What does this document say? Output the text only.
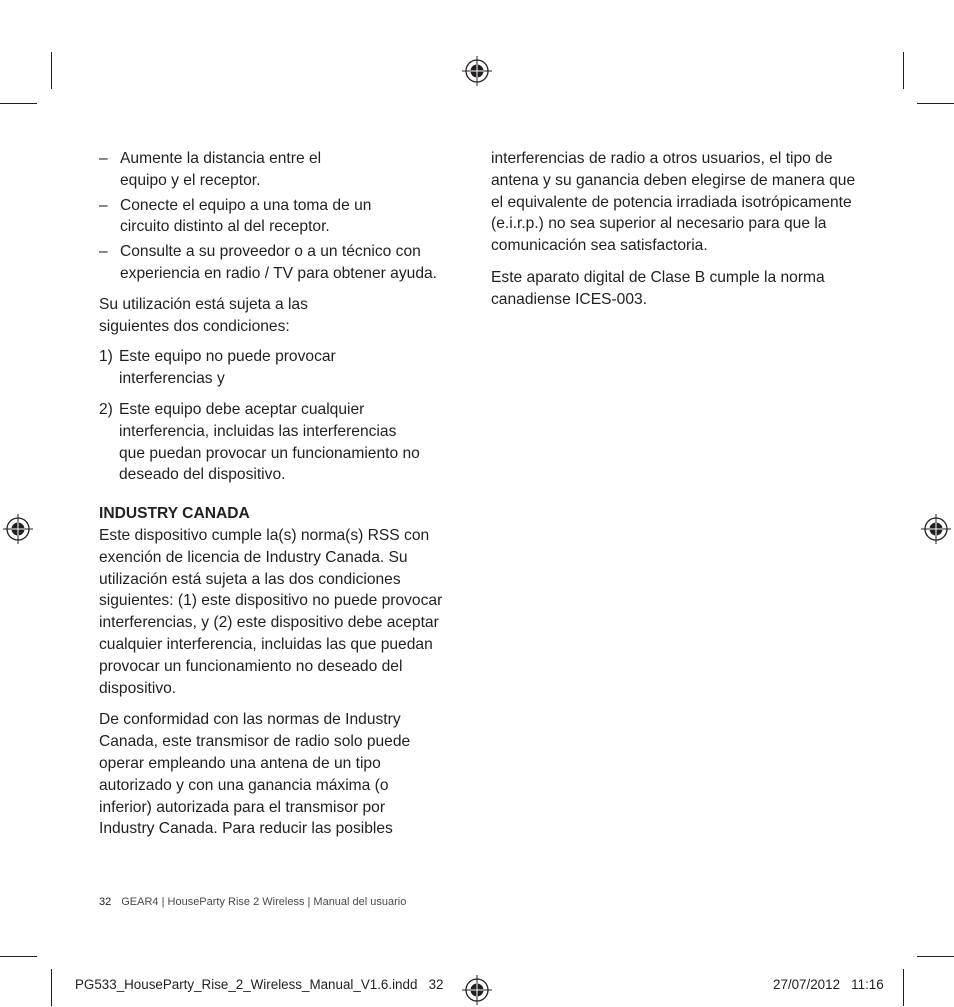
– Aumente la distancia entre el equipo y el receptor.
– Conecte el equipo a una toma de un circuito distinto al del receptor.
– Consulte a su proveedor o a un técnico con experiencia en radio / TV para obtener ayuda.

Su utilización está sujeta a las siguientes dos condiciones:

1) Este equipo no puede provocar interferencias y
2) Este equipo debe aceptar cualquier interferencia, incluidas las interferencias que puedan provocar un funcionamiento no deseado del dispositivo.

INDUSTRY CANADA

Este dispositivo cumple la(s) norma(s) RSS con exención de licencia de Industry Canada. Su utilización está sujeta a las dos condiciones siguientes: (1) este dispositivo no puede provocar interferencias, y (2) este dispositivo debe aceptar cualquier interferencia, incluidas las que puedan provocar un funcionamiento no deseado del dispositivo.

De conformidad con las normas de Industry Canada, este transmisor de radio solo puede operar empleando una antena de un tipo autorizado y con una ganancia máxima (o inferior) autorizada para el transmisor por Industry Canada. Para reducir las posibles

interferencias de radio a otros usuarios, el tipo de antena y su ganancia deben elegirse de manera que el equivalente de potencia irradiada isotrópicamente (e.i.r.p.) no sea superior al necesario para que la comunicación sea satisfactoria.

Este aparato digital de Clase B cumple la norma canadiense ICES-003.

32 GEAR4 | HouseParty Rise 2 Wireless | Manual del usuario
PG533_HouseParty_Rise_2_Wireless_Manual_V1.6.indd   32	27/07/2012   11:16
